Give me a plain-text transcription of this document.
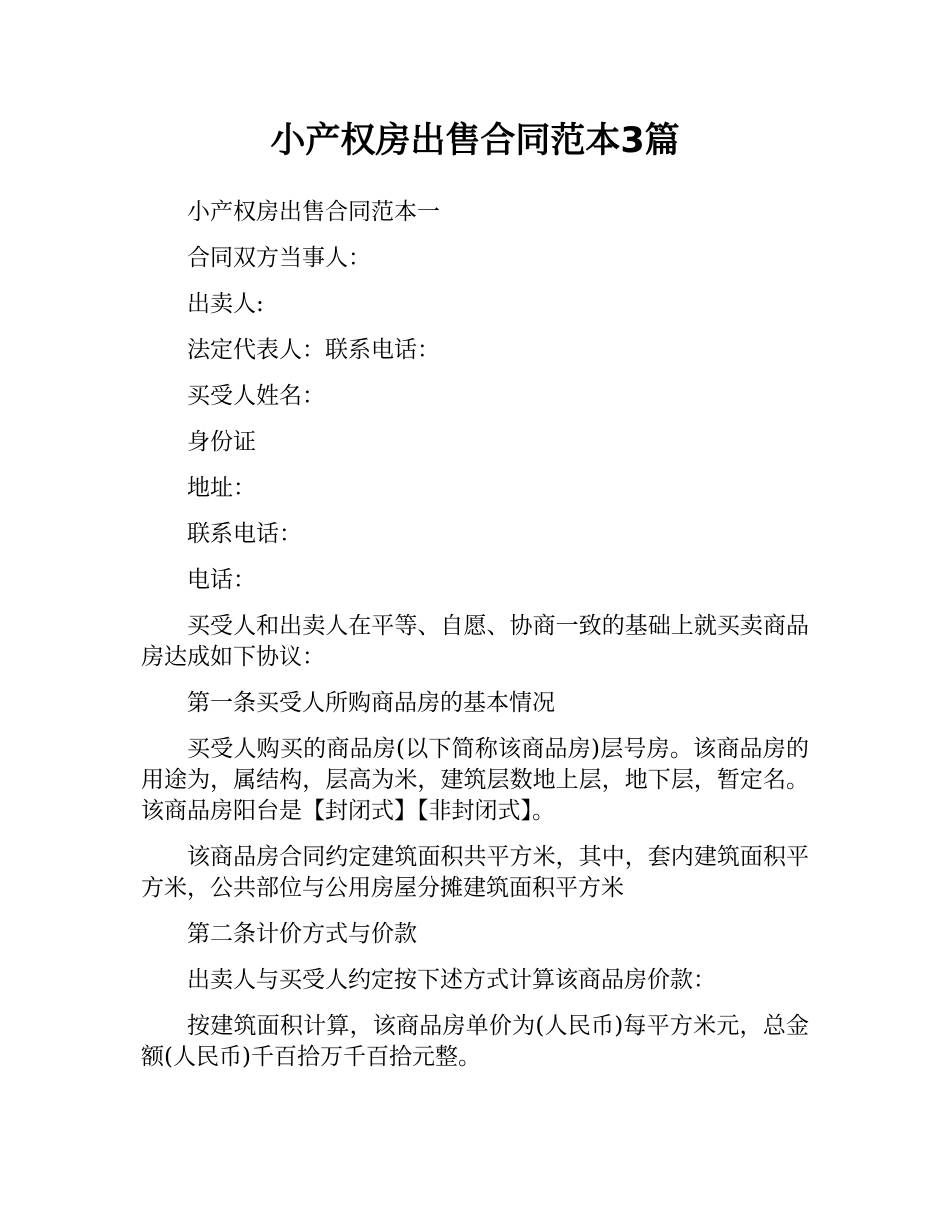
小产权房出售合同范本3篇

小产权房出售合同范本一

合同双方当事人：

出卖人:

法定代表人：联系电话：

买受人姓名：

身份证

地址：

联系电话：

电话：

买受人和出卖人在平等、自愿、协商一致的基础上就买卖商品房达成如下协议：

第一条买受人所购商品房的基本情况

买受人购买的商品房(以下简称该商品房)层号房。该商品房的用途为，属结构，层高为米，建筑层数地上层，地下层，暂定名。该商品房阳台是【封闭式】【非封闭式】。

该商品房合同约定建筑面积共平方米，其中，套内建筑面积平方米，公共部位与公用房屋分摊建筑面积平方米

第二条计价方式与价款

出卖人与买受人约定按下述方式计算该商品房价款：

按建筑面积计算，该商品房单价为(人民币)每平方米元，总金额(人民币)千百拾万千百拾元整。
